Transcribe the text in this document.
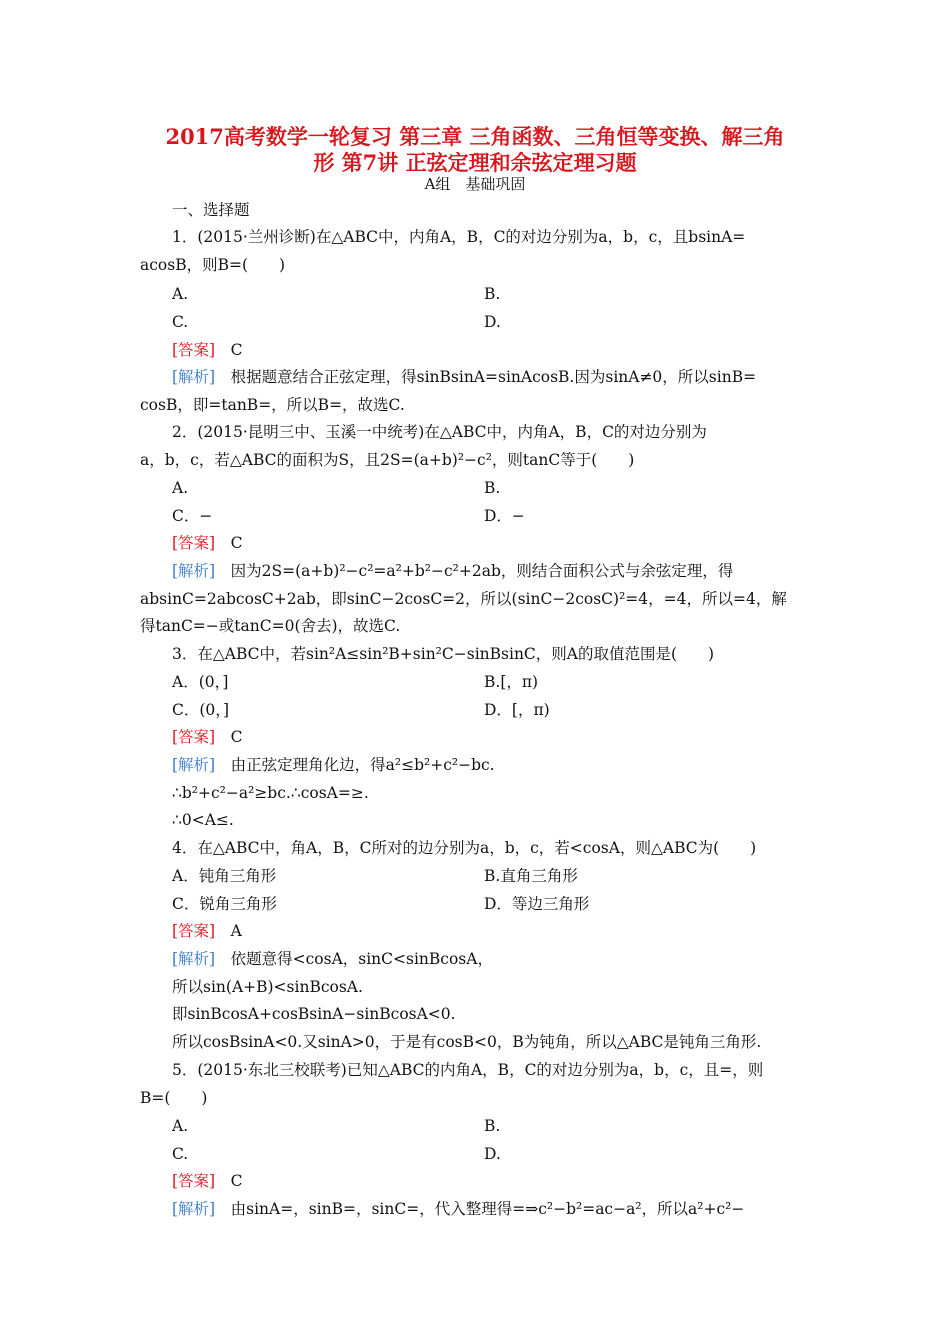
2017高考数学一轮复习 第三章 三角函数、三角恒等变换、解三角
形 第7讲 正弦定理和余弦定理习题
A组　基础巩固
一、选择题
1．(2015·兰州诊断)在△ABC中，内角A，B，C的对边分别为a，b，c，且bsinA=
acosB，则B=(　　)
A.	B.
C.	D.
[答案]　 C
[解析]　 根据题意结合正弦定理，得sinBsinA=sinAcosB.因为sinA≠0，所以sinB=
cosB，即=tanB=，所以B=，故选C.
2．(2015·昆明三中、玉溪一中统考)在△ABC中，内角A，B，C的对边分别为
a，b，c，若△ABC的面积为S，且2S=(a+b)²−c²，则tanC等于(　　)
A.	B.
C．−	D．−
[答案]　 C
[解析]　 因为2S=(a+b)²−c²=a²+b²−c²+2ab，则结合面积公式与余弦定理，得
absinC=2abcosC+2ab，即sinC−2cosC=2，所以(sinC−2cosC)²=4，=4，所以=4，解
得tanC=−或tanC=0(舍去)，故选C.
3．在△ABC中，若sin²A≤sin²B+sin²C−sinBsinC，则A的取值范围是(　　)
A．(0，]	B.[，π)
C．(0，]	D．[，π)
[答案]　 C
[解析]　 由正弦定理角化边，得a²≤b²+c²−bc.
∴b²+c²−a²≥bc.∴cosA=≥.
∴0<A≤.
4．在△ABC中，角A，B，C所对的边分别为a，b，c，若<cosA，则△ABC为(　　)
A．钝角三角形	B.直角三角形
C．锐角三角形	D．等边三角形
[答案]　 A
[解析]　 依题意得<cosA，sinC<sinBcosA，
所以sin(A+B)<sinBcosA.
即sinBcosA+cosBsinA−sinBcosA<0.
所以cosBsinA<0.又sinA>0，于是有cosB<0，B为钝角，所以△ABC是钝角三角形.
5．(2015·东北三校联考)已知△ABC的内角A，B，C的对边分别为a，b，c，且=，则
B=(　　)
A.	B.
C.	D.
[答案]　 C
[解析]　 由sinA=，sinB=，sinC=，代入整理得=⇒c²−b²=ac−a²，所以a²+c²−
